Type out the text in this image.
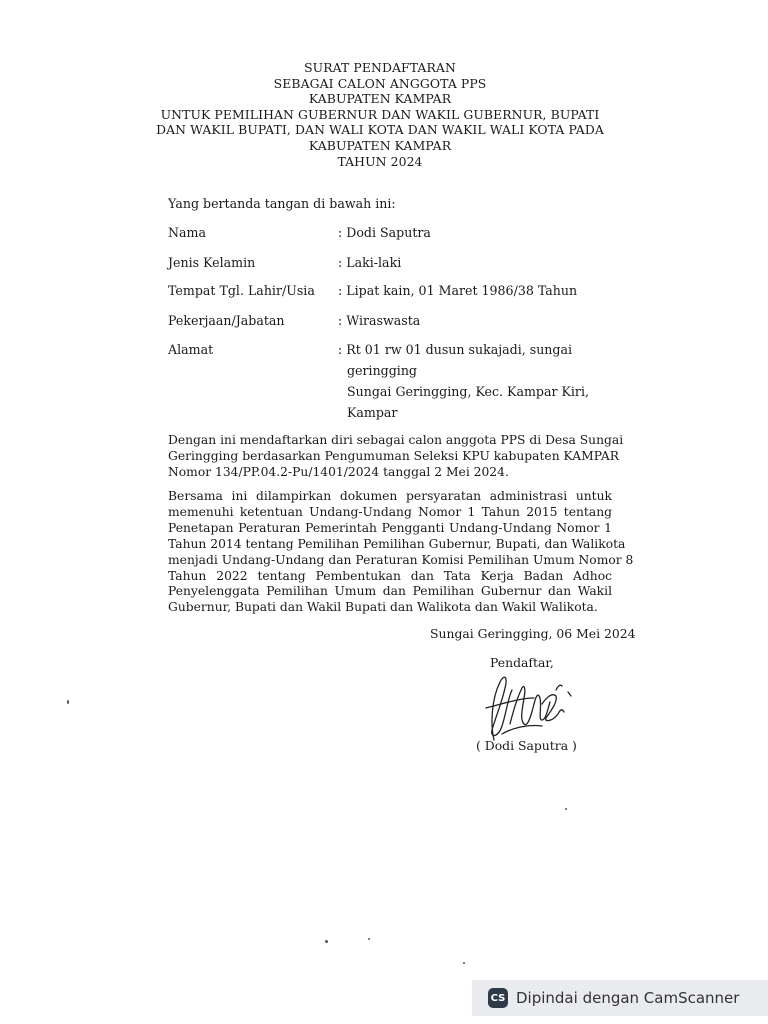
SURAT PENDAFTARAN
SEBAGAI CALON ANGGOTA PPS
KABUPATEN KAMPAR
UNTUK PEMILIHAN GUBERNUR DAN WAKIL GUBERNUR, BUPATI
DAN WAKIL BUPATI, DAN WALI KOTA DAN WAKIL WALI KOTA PADA
KABUPATEN KAMPAR
TAHUN 2024
Yang bertanda tangan di bawah ini:
Nama	: Dodi Saputra
Jenis Kelamin	: Laki-laki
Tempat Tgl. Lahir/Usia	: Lipat kain, 01 Maret 1986/38 Tahun
Pekerjaan/Jabatan	: Wiraswasta
Alamat	: Rt 01 rw 01 dusun sukajadi, sungai
geringging
Sungai Geringging, Kec. Kampar Kiri,
Kampar
Dengan ini mendaftarkan diri sebagai calon anggota PPS di Desa Sungai
Geringging berdasarkan Pengumuman Seleksi KPU kabupaten KAMPAR
Nomor 134/PP.04.2-Pu/1401/2024 tanggal 2 Mei 2024.
Bersama ini dilampirkan dokumen persyaratan administrasi untuk
memenuhi ketentuan Undang-Undang Nomor 1 Tahun 2015 tentang
Penetapan Peraturan Pemerintah Pengganti Undang-Undang Nomor 1
Tahun 2014 tentang Pemilihan Pemilihan Gubernur, Bupati, dan Walikota
menjadi Undang-Undang dan Peraturan Komisi Pemilihan Umum Nomor 8
Tahun 2022 tentang Pembentukan dan Tata Kerja Badan Adhoc
Penyelenggata Pemilihan Umum dan Pemilihan Gubernur dan Wakil
Gubernur, Bupati dan Wakil Bupati dan Walikota dan Wakil Walikota.
Sungai Geringging, 06 Mei 2024
Pendaftar,
( Dodi Saputra )
CS Dipindai dengan CamScanner
